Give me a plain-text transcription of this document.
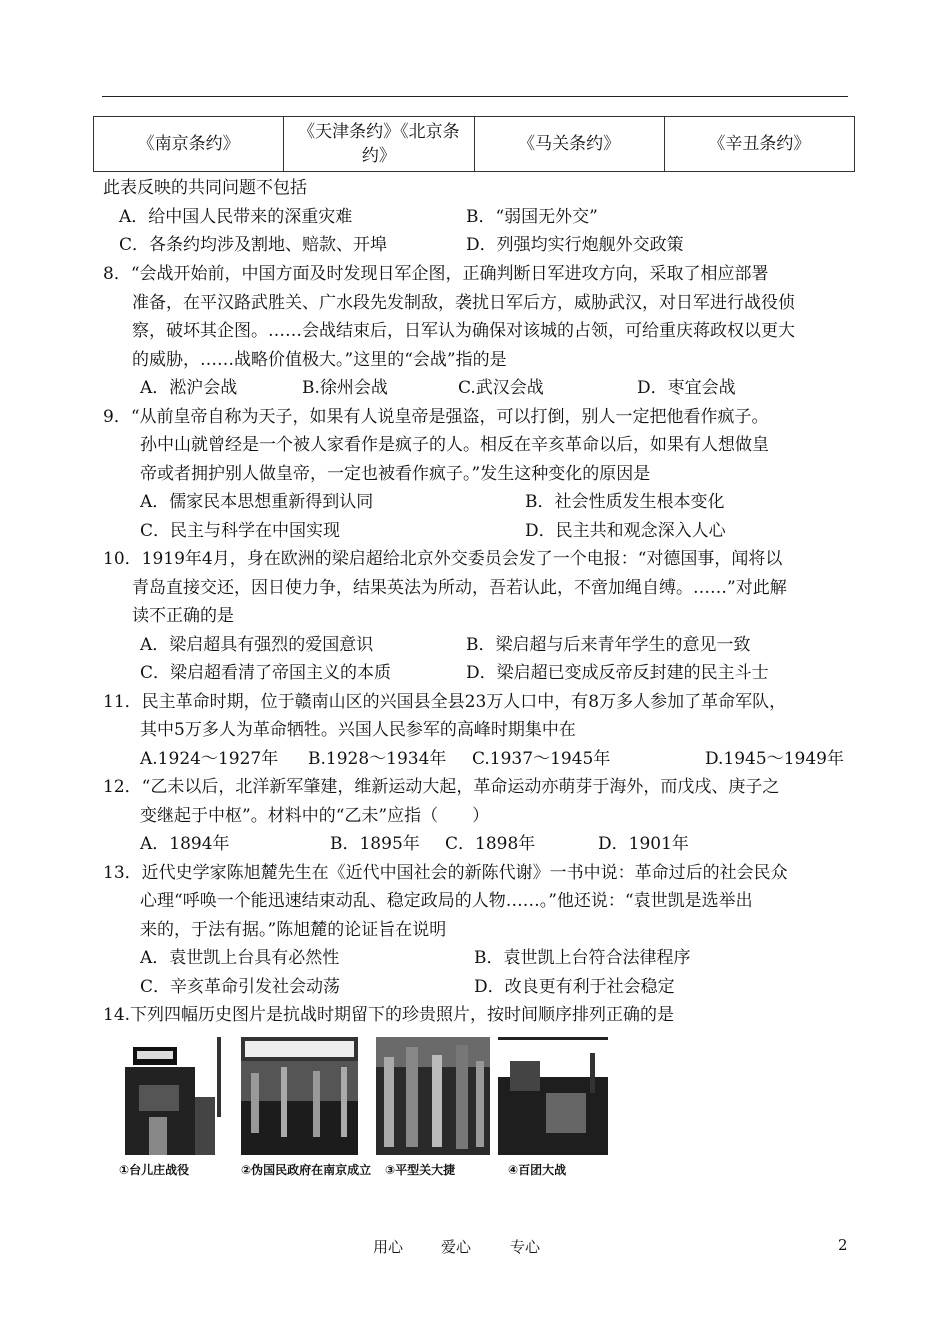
《南京条约》	《天津条约》《北京条约》	《马关条约》	《辛丑条约》
此表反映的共同问题不包括
A．给中国人民带来的深重灾难	B．“弱国无外交”
C．各条约均涉及割地、赔款、开埠	D．列强均实行炮舰外交政策
8．“会战开始前，中国方面及时发现日军企图，正确判断日军进攻方向，采取了相应部署
准备，在平汉路武胜关、广水段先发制敌，袭扰日军后方，威胁武汉，对日军进行战役侦
察，破坏其企图。……会战结束后，日军认为确保对该城的占领，可给重庆蒋政权以更大
的威胁，……战略价值极大。”这里的“会战”指的是
A．淞沪会战	B.徐州会战	C.武汉会战	D．枣宜会战
9．“从前皇帝自称为天子，如果有人说皇帝是强盗，可以打倒，别人一定把他看作疯子。
孙中山就曾经是一个被人家看作是疯子的人。相反在辛亥革命以后，如果有人想做皇
帝或者拥护别人做皇帝，一定也被看作疯子。”发生这种变化的原因是
A．儒家民本思想重新得到认同	B．社会性质发生根本变化
C．民主与科学在中国实现	D．民主共和观念深入人心
10．1919年4月，身在欧洲的梁启超给北京外交委员会发了一个电报：“对德国事，闻将以
青岛直接交还，因日使力争，结果英法为所动，吾若认此，不啻加绳自缚。……”对此解
读不正确的是
A．梁启超具有强烈的爱国意识	B．梁启超与后来青年学生的意见一致
C．梁启超看清了帝国主义的本质	D．梁启超已变成反帝反封建的民主斗士
11．民主革命时期，位于赣南山区的兴国县全县23万人口中，有8万多人参加了革命军队，
其中5万多人为革命牺牲。兴国人民参军的高峰时期集中在
A.1924～1927年 B.1928～1934年 C.1937～1945年	D.1945～1949年
12．“乙未以后，北洋新军肇建，维新运动大起，革命运动亦萌芽于海外，而戊戌、庚子之
变继起于中枢”。材料中的“乙未”应指（　　）
A．1894年	B．1895年 C．1898年	D．1901年
13．近代史学家陈旭麓先生在《近代中国社会的新陈代谢》一书中说：革命过后的社会民众
心理“呼唤一个能迅速结束动乱、稳定政局的人物……。”他还说：“袁世凯是选举出
来的，于法有据。”陈旭麓的论证旨在说明
A．袁世凯上台具有必然性	B．袁世凯上台符合法律程序
C．辛亥革命引发社会动荡	D．改良更有利于社会稳定
14.下列四幅历史图片是抗战时期留下的珍贵照片，按时间顺序排列正确的是
①台儿庄战役	②伪国民政府在南京成立 ③平型关大捷	④百团大战
用心	爱心	专心	2
